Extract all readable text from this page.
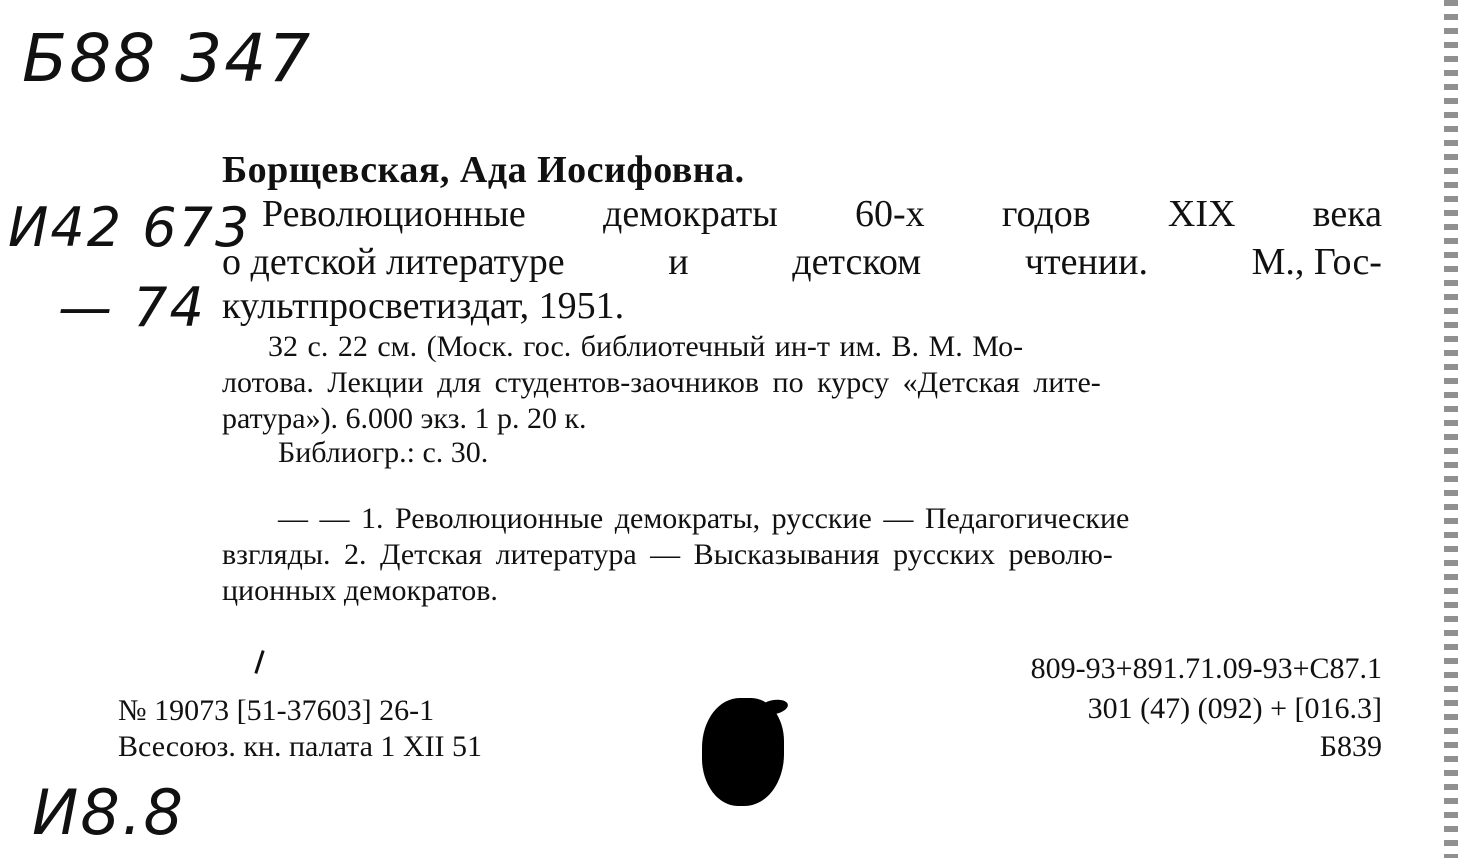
Б88 347
И42 673
— 74
И8.8
Борщевская, Ада Иосифовна.
Революционные демократы 60-х годов XIX века
о детской литературе	и	детском	чтении.	М., Гос-
культпросветиздат, 1951.
32 с. 22 см. (Моск. гос. библиотечный ин-т им. В. М. Мо-
лотова. Лекции для студентов-заочников по курсу «Детская лите-
ратура»). 6.000 экз. 1 р. 20 к.
Библиогр.: с. 30.
— — 1. Революционные демократы, русские — Педагогические
взгляды. 2. Детская литература — Высказывания русских револю-
ционных демократов.
№ 19073 [51-37603] 26-1
Всесоюз. кн. палата 1 XII 51
809-93+891.71.09-93+С87.1
301 (47) (092) + [016.3]
Б839
